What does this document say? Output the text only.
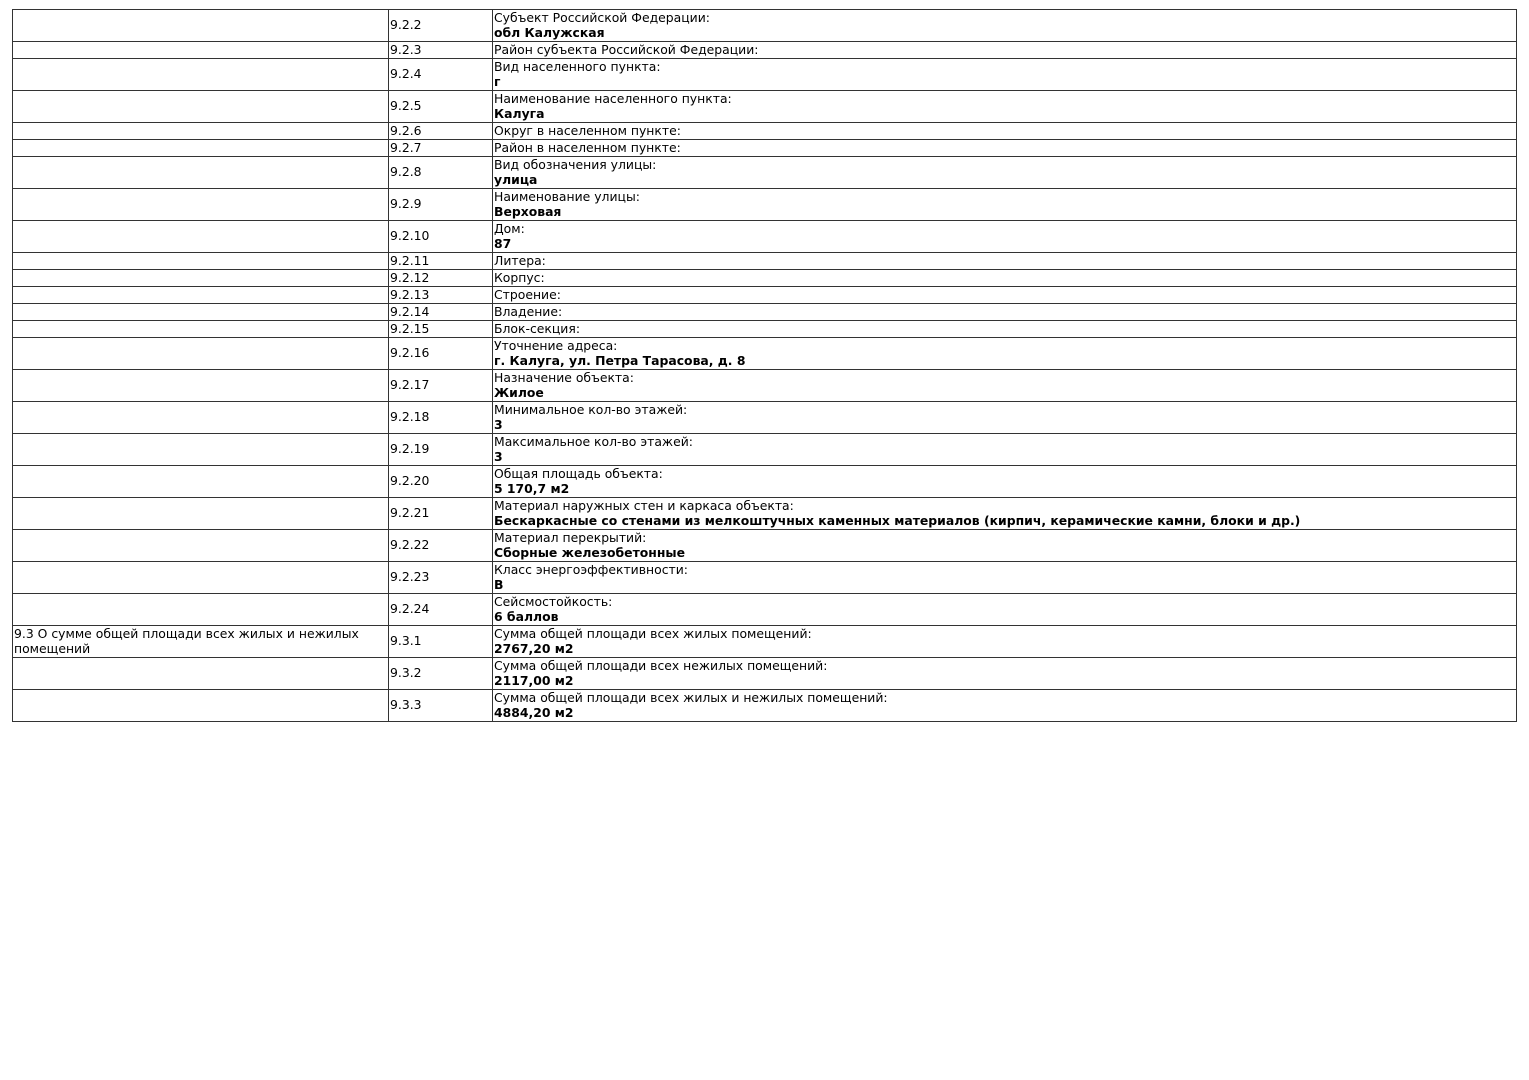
	9.2.2	Субъект Российской Федерации:
обл Калужская

	9.2.3	Район субъекта Российской Федерации:

	9.2.4	Вид населенного пункта:
г

	9.2.5	Наименование населенного пункта:
Калуга

	9.2.6	Округ в населенном пункте:

	9.2.7	Район в населенном пункте:

	9.2.8	Вид обозначения улицы:
улица

	9.2.9	Наименование улицы:
Верховая

	9.2.10	Дом:
87

	9.2.11	Литера:

	9.2.12	Корпус:

	9.2.13	Строение:

	9.2.14	Владение:

	9.2.15	Блок-секция:

	9.2.16	Уточнение адреса:
г. Калуга, ул. Петра Тарасова, д. 8

	9.2.17	Назначение объекта:
Жилое

	9.2.18	Минимальное кол-во этажей:
3

	9.2.19	Максимальное кол-во этажей:
3

	9.2.20	Общая площадь объекта:
5 170,7 м2

	9.2.21	Материал наружных стен и каркаса объекта:
Бескаркасные со стенами из мелкоштучных каменных материалов (кирпич, керамические камни, блоки и др.)

	9.2.22	Материал перекрытий:
Сборные железобетонные

	9.2.23	Класс энергоэффективности:
B

	9.2.24	Сейсмостойкость:
6 баллов

9.3 О сумме общей площади всех жилых и нежилых помещений	9.3.1	Сумма общей площади всех жилых помещений:
2767,20 м2

	9.3.2	Сумма общей площади всех нежилых помещений:
2117,00 м2

	9.3.3	Сумма общей площади всех жилых и нежилых помещений:
4884,20 м2
